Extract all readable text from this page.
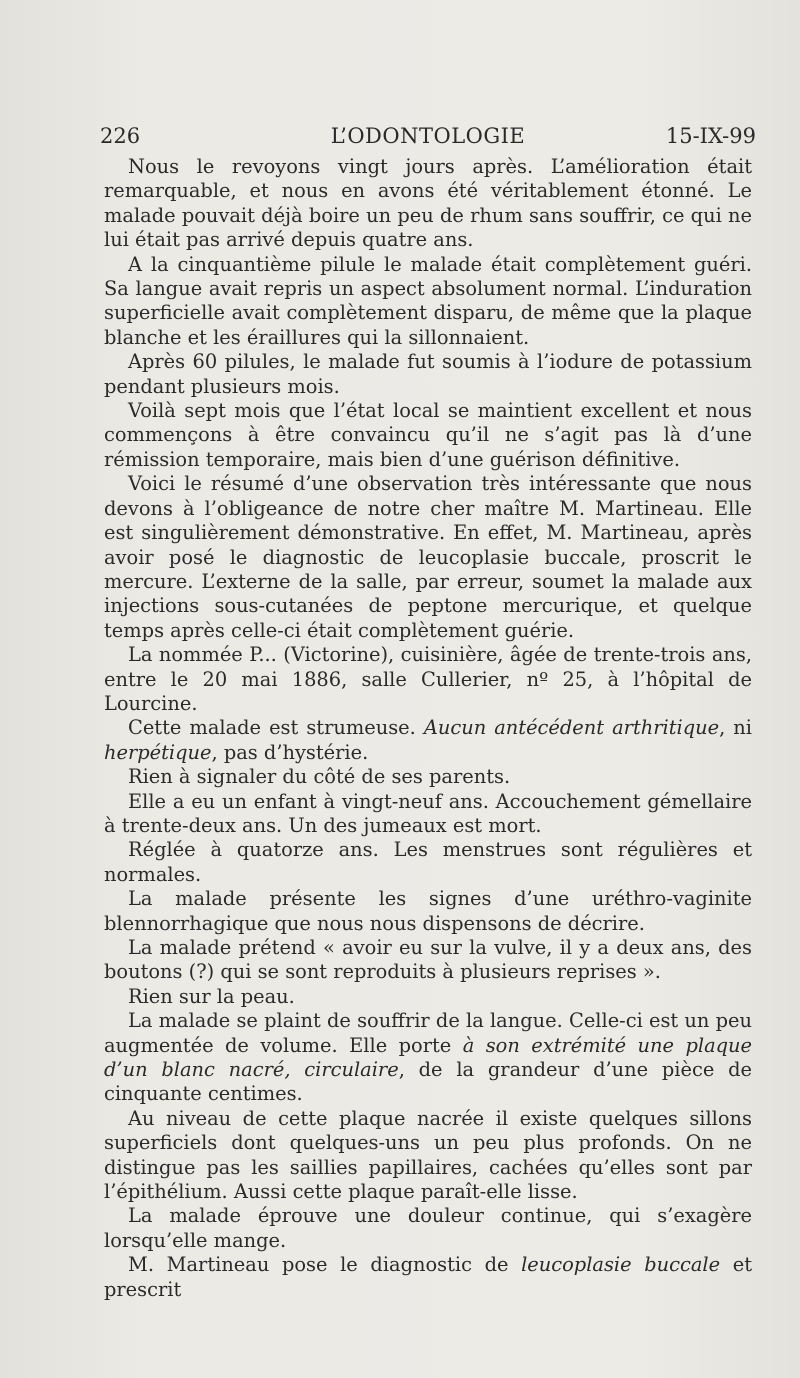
226	L’ODONTOLOGIE	15-IX-99

Nous le revoyons vingt jours après. L’amélioration était remarquable, et nous en avons été véritablement étonné. Le malade pouvait déjà boire un peu de rhum sans souffrir, ce qui ne lui était pas arrivé depuis quatre ans.

A la cinquantième pilule le malade était complètement guéri. Sa langue avait repris un aspect absolument normal. L’induration superficielle avait complètement disparu, de même que la plaque blanche et les éraillures qui la sillonnaient.

Après 60 pilules, le malade fut soumis à l’iodure de potassium pendant plusieurs mois.

Voilà sept mois que l’état local se maintient excellent et nous commençons à être convaincu qu’il ne s’agit pas là d’une rémission temporaire, mais bien d’une guérison définitive.

Voici le résumé d’une observation très intéressante que nous devons à l’obligeance de notre cher maître M. Martineau. Elle est singulièrement démonstrative. En effet, M. Martineau, après avoir posé le diagnostic de leucoplasie buccale, proscrit le mercure. L’externe de la salle, par erreur, soumet la malade aux injections sous-cutanées de peptone mercurique, et quelque temps après celle-ci était complètement guérie.

La nommée P... (Victorine), cuisinière, âgée de trente-trois ans, entre le 20 mai 1886, salle Cullerier, nº 25, à l’hôpital de Lourcine.

Cette malade est strumeuse. Aucun antécédent arthritique, ni herpétique, pas d’hystérie.

Rien à signaler du côté de ses parents.

Elle a eu un enfant à vingt-neuf ans. Accouchement gémellaire à trente-deux ans. Un des jumeaux est mort.

Réglée à quatorze ans. Les menstrues sont régulières et normales.

La malade présente les signes d’une uréthro-vaginite blennorrhagique que nous nous dispensons de décrire.

La malade prétend « avoir eu sur la vulve, il y a deux ans, des boutons (?) qui se sont reproduits à plusieurs reprises ».

Rien sur la peau.

La malade se plaint de souffrir de la langue. Celle-ci est un peu augmentée de volume. Elle porte à son extrémité une plaque d’un blanc nacré, circulaire, de la grandeur d’une pièce de cinquante centimes.

Au niveau de cette plaque nacrée il existe quelques sillons superficiels dont quelques-uns un peu plus profonds. On ne distingue pas les saillies papillaires, cachées qu’elles sont par l’épithélium. Aussi cette plaque paraît-elle lisse.

La malade éprouve une douleur continue, qui s’exagère lorsqu’elle mange.

M. Martineau pose le diagnostic de leucoplasie buccale et prescrit
